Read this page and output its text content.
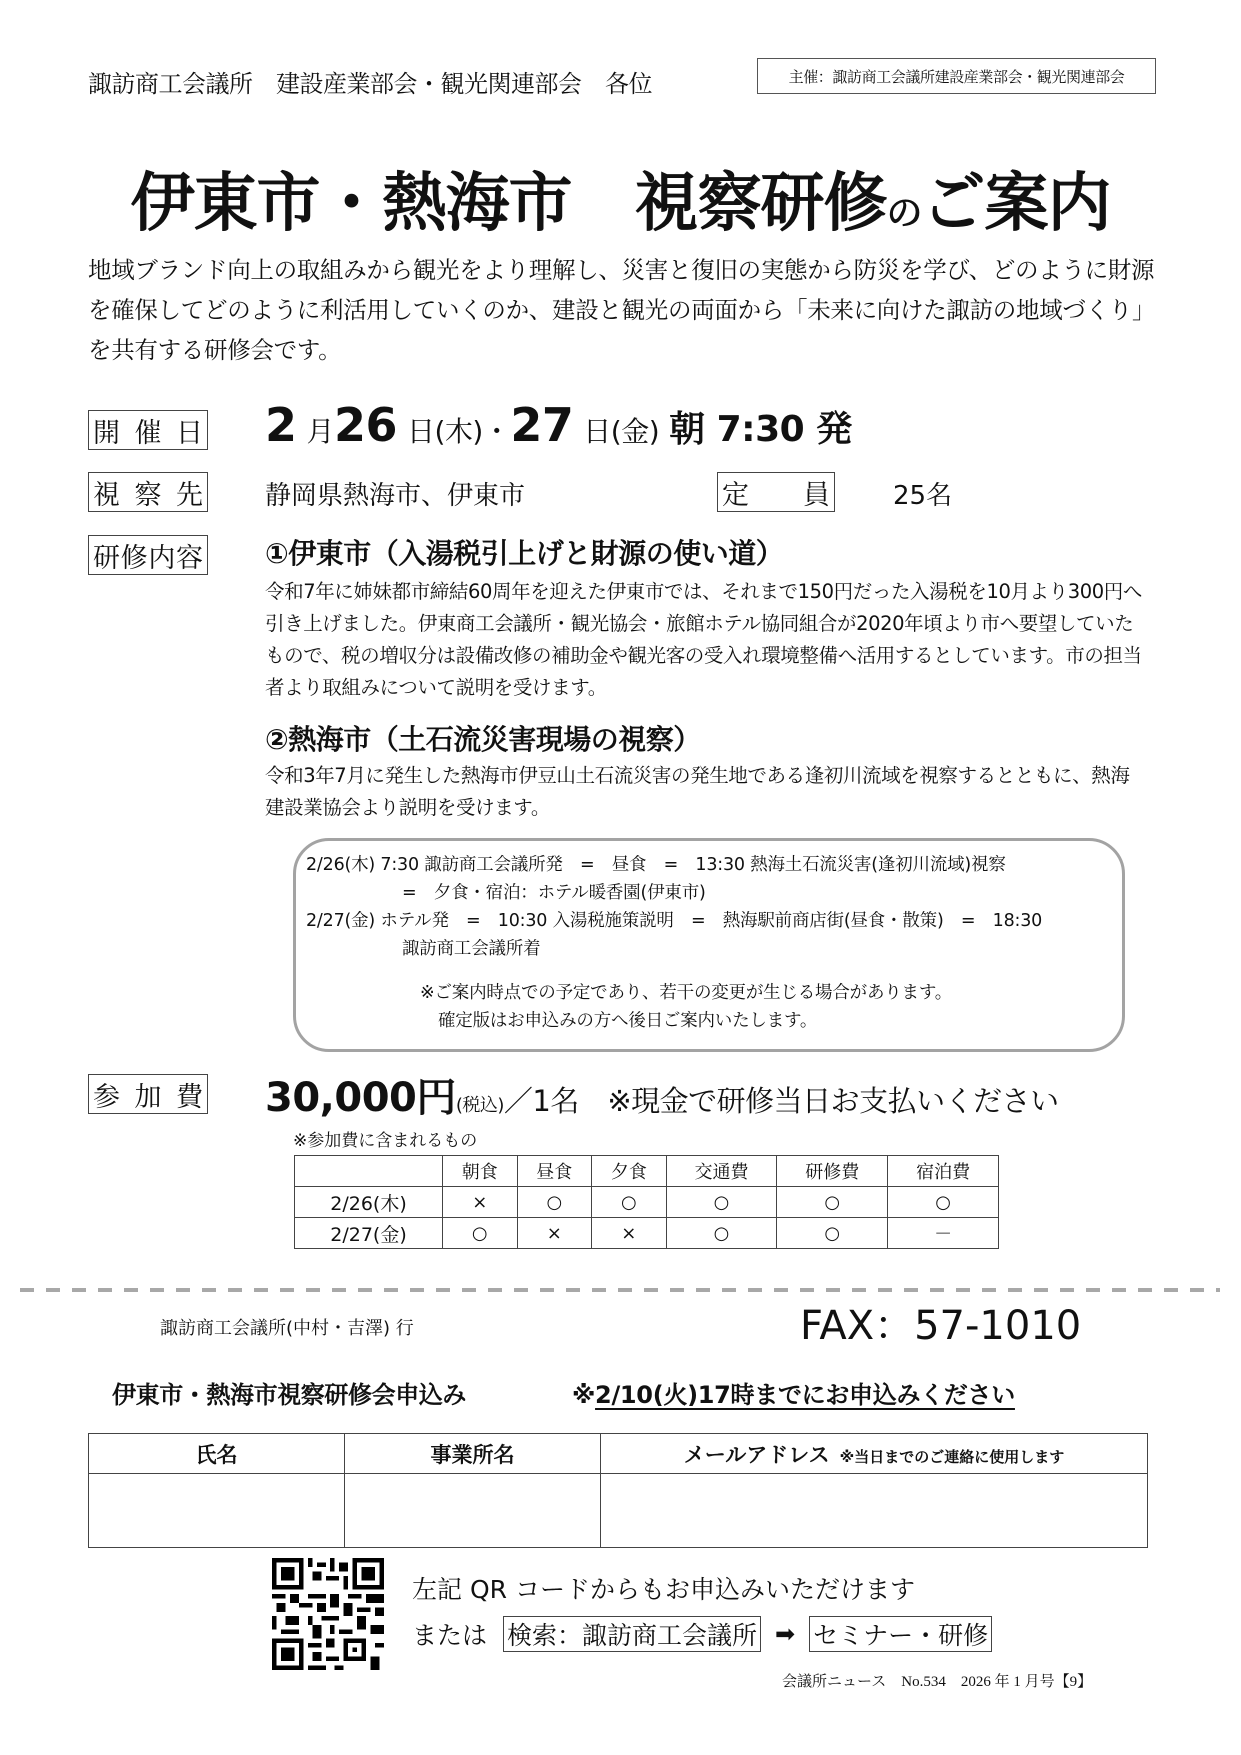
諏訪商工会議所　建設産業部会・観光関連部会　各位	主催：諏訪商工会議所建設産業部会・観光関連部会
伊東市・熱海市　視察研修のご案内
地域ブランド向上の取組みから観光をより理解し、災害と復旧の実態から防災を学び、どのように財源を確保してどのように利活用していくのか、建設と観光の両面から「未来に向けた諏訪の地域づくり」を共有する研修会です。
開 催 日 2 月26 日(木)・27 日(金) 朝 7:30 発
視 察 先 静岡県熱海市、伊東市	定 員 25名
研 修 内 容 ①伊東市（入湯税引上げと財源の使い道）
令和7年に姉妹都市締結60周年を迎えた伊東市では、それまで150円だった入湯税を10月より300円へ引き上げました。伊東商工会議所・観光協会・旅館ホテル協同組合が2020年頃より市へ要望していたもので、税の増収分は設備改修の補助金や観光客の受入れ環境整備へ活用するとしています。市の担当者より取組みについて説明を受けます。
②熱海市（土石流災害現場の視察）
令和3年7月に発生した熱海市伊豆山土石流災害の発生地である逢初川流域を視察するとともに、熱海建設業協会より説明を受けます。
2/26(木) 7:30 諏訪商工会議所発　=　昼食　=　13:30 熱海土石流災害(逢初川流域)視察
=　夕食・宿泊：ホテル暖香園(伊東市)
2/27(金) ホテル発　=　10:30 入湯税施策説明　=　熱海駅前商店街(昼食・散策)　=　18:30
諏訪商工会議所着
※ご案内時点での予定であり、若干の変更が生じる場合があります。
確定版はお申込みの方へ後日ご案内いたします。
参 加 費 30,000円(税込)／1名　※現金で研修当日お支払いください
※参加費に含まれるもの
	朝食	昼食	夕食	交通費	研修費	宿泊費
2/26(木)	×	○	○	○	○	○
2/27(金)	○	×	×	○	○	－
諏訪商工会議所(中村・吉澤) 行	FAX：57-1010
伊東市・熱海市視察研修会申込み	※2/10(火)17時までにお申込みください
氏名	事業所名	メールアドレス ※当日までのご連絡に使用します

左記 QR コードからもお申込みいただけます
または 検索：諏訪商工会議所 ➡ セミナー・研修
会議所ニュース　No.534　2026 年 1 月号【9】
